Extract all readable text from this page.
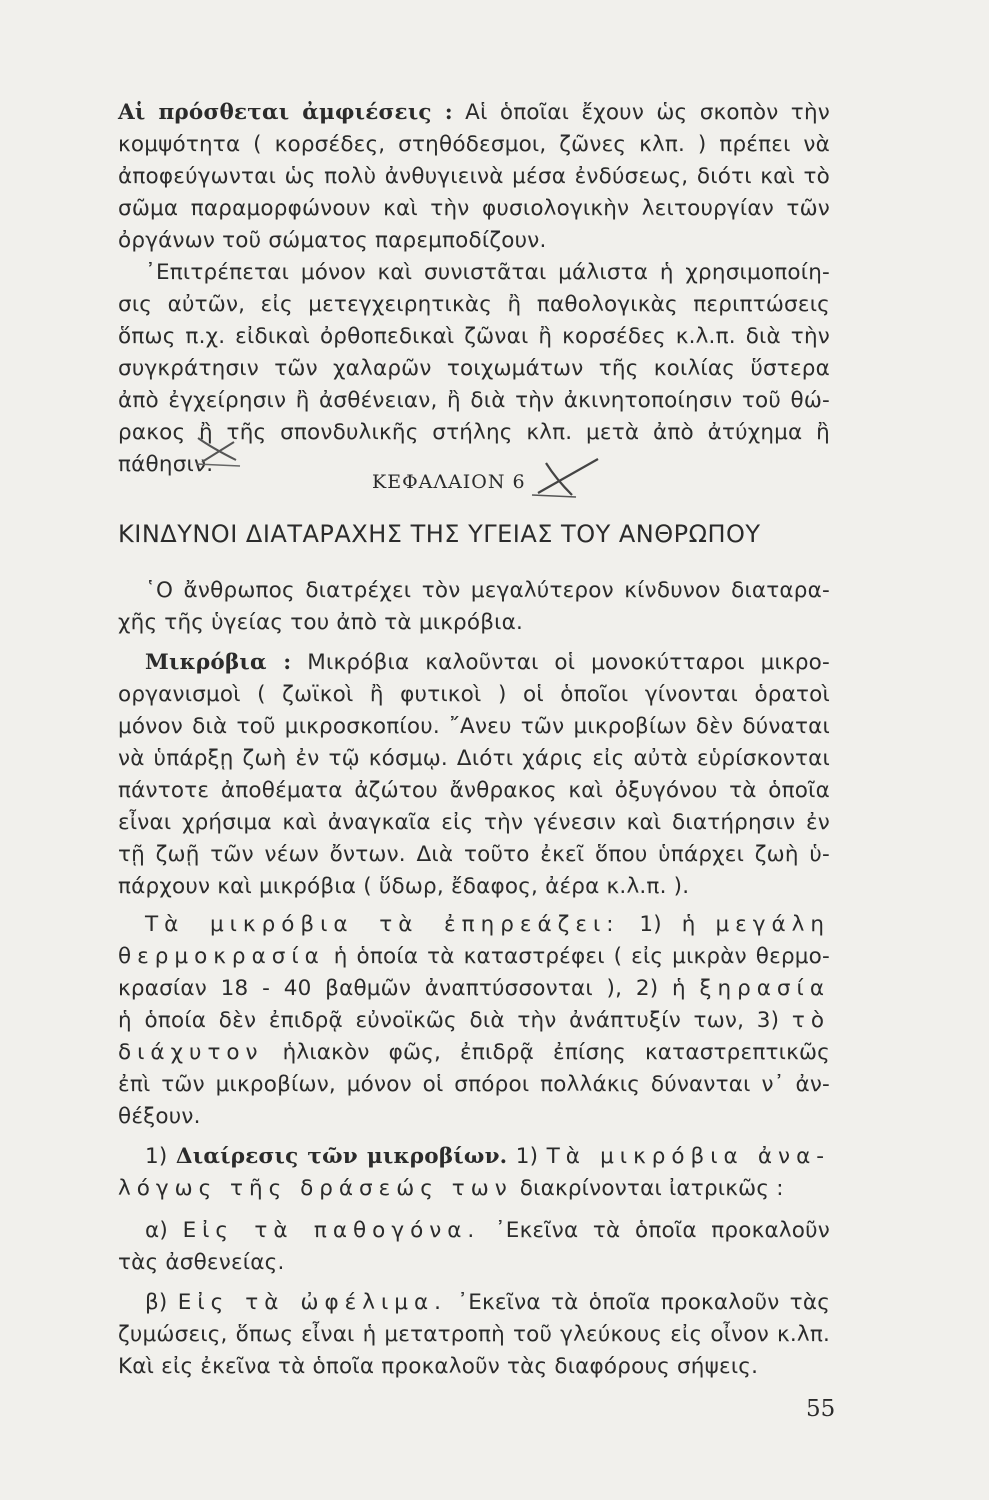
Αἱ πρόσθεται ἀμφιέσεις : Αἱ ὁποῖαι ἔχουν ὡς σκοπὸν τὴν
κομψότητα ( κορσέδες, στηθόδεσμοι, ζῶνες κλπ. ) πρέπει νὰ
ἀποφεύγωνται ὡς πολὺ ἀνθυγιεινὰ μέσα ἐνδύσεως, διότι καὶ τὸ
σῶμα παραμορφώνουν καὶ τὴν φυσιολογικὴν λειτουργίαν τῶν
ὀργάνων τοῦ σώματος παρεμποδίζουν.
᾿Επιτρέπεται μόνον καὶ συνιστᾶται μάλιστα ἡ χρησιμοποίη-
σις αὐτῶν, εἰς μετεγχειρητικὰς ἢ παθολογικὰς περιπτώσεις
ὅπως π.χ. εἰδικαὶ ὀρθοπεδικαὶ ζῶναι ἢ κορσέδες κ.λ.π. διὰ τὴν
συγκράτησιν τῶν χαλαρῶν τοιχωμάτων τῆς κοιλίας ὕστερα
ἀπὸ ἐγχείρησιν ἢ ἀσθένειαν, ἢ διὰ τὴν ἀκινητοποίησιν τοῦ θώ-
ρακος ἢ τῆς σπονδυλικῆς στήλης κλπ. μετὰ ἀπὸ ἀτύχημα ἢ
πάθησιν.
ΚΕΦΑΛΑΙΟΝ 6
ΚΙΝΔΥΝΟΙ ΔΙΑΤΑΡΑΧΗΣ ΤΗΣ ΥΓΕΙΑΣ ΤΟΥ ΑΝΘΡΩΠΟΥ
῾Ο ἄνθρωπος διατρέχει τὸν μεγαλύτερον κίνδυνον διαταρα-
χῆς τῆς ὑγείας του ἀπὸ τὰ μικρόβια.
Μικρόβια : Μικρόβια καλοῦνται οἱ μονοκύτταροι μικρο-
οργανισμοὶ ( ζωϊκοὶ ἢ φυτικοὶ ) οἱ ὁποῖοι γίνονται ὁρατοὶ
μόνον διὰ τοῦ μικροσκοπίου. ῎Ανευ τῶν μικροβίων δὲν δύναται
νὰ ὑπάρξῃ ζωὴ ἐν τῷ κόσμῳ. Διότι χάρις εἰς αὐτὰ εὑρίσκονται
πάντοτε ἀποθέματα ἀζώτου ἄνθρακος καὶ ὀξυγόνου τὰ ὁποῖα
εἶναι χρήσιμα καὶ ἀναγκαῖα εἰς τὴν γένεσιν καὶ διατήρησιν ἐν
τῇ ζωῇ τῶν νέων ὄντων. Διὰ τοῦτο ἐκεῖ ὅπου ὑπάρχει ζωὴ ὑ-
πάρχουν καὶ μικρόβια ( ὕδωρ, ἔδαφος, ἀέρα κ.λ.π. ).
Τὰ μικρόβια τὰ ἐπηρεάζει: 1) ἡ μεγάλη
θερμοκρασία ἡ ὁποία τὰ καταστρέφει ( εἰς μικρὰν θερμο-
κρασίαν 18 - 40 βαθμῶν ἀναπτύσσονται ), 2) ἡ ξηρασία
ἡ ὁποία δὲν ἐπιδρᾷ εὐνοϊκῶς διὰ τὴν ἀνάπτυξίν των, 3) τὸ
διάχυτον ἡλιακὸν φῶς, ἐπιδρᾷ ἐπίσης καταστρεπτικῶς
ἐπὶ τῶν μικροβίων, μόνον οἱ σπόροι πολλάκις δύνανται ν᾿ ἀν-
θέξουν.
1) Διαίρεσις τῶν μικροβίων. 1) Τὰ μικρόβια ἀνα-
λόγως τῆς δράσεώς των διακρίνονται ἰατρικῶς :
α) Εἰς τὰ παθογόνα. ᾿Εκεῖνα τὰ ὁποῖα προκαλοῦν
τὰς ἀσθενείας.
β) Εἰς τὰ ὠφέλιμα. ᾿Εκεῖνα τὰ ὁποῖα προκαλοῦν τὰς
ζυμώσεις, ὅπως εἶναι ἡ μετατροπὴ τοῦ γλεύκους εἰς οἶνον κ.λπ.
Καὶ εἰς ἐκεῖνα τὰ ὁποῖα προκαλοῦν τὰς διαφόρους σήψεις.
55
